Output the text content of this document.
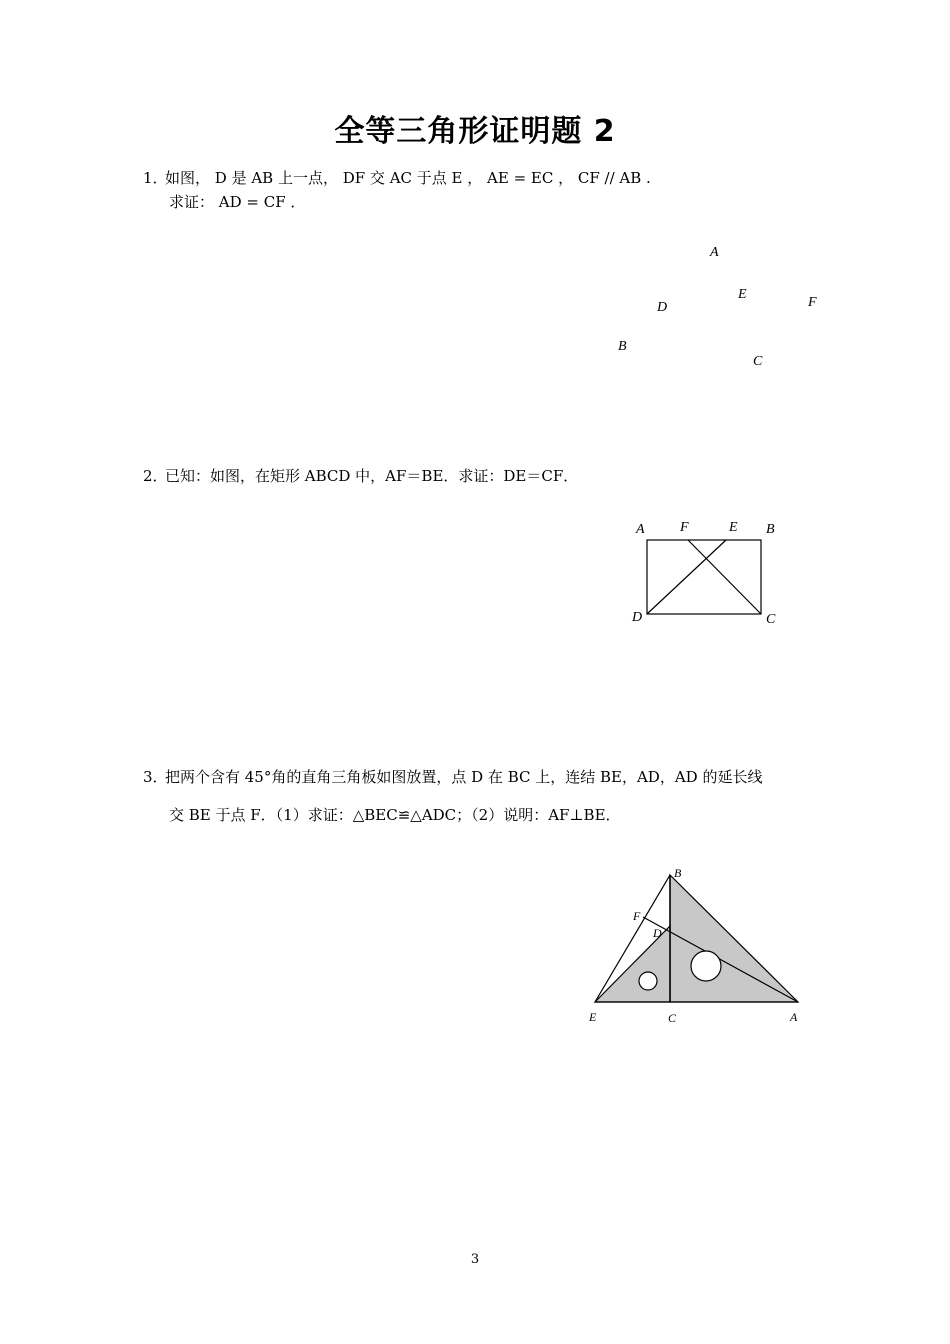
全等三角形证明题 2
1．如图， D 是 AB 上一点， DF 交 AC 于点 E ， AE = EC ， CF // AB .
求证： AD = CF ．
A
E
F
D
B
C
2．已知：如图，在矩形 ABCD 中，AF＝BE．求证：DE＝CF．
A	F	E B
D	C
3．把两个含有 45°角的直角三角板如图放置，点 D 在 BC 上，连结 BE，AD，AD 的延长线
交 BE 于点 F．（1）求证：△BEC≌△ADC；（2）说明：AF⊥BE．
B
F
D
E	C	A
3
